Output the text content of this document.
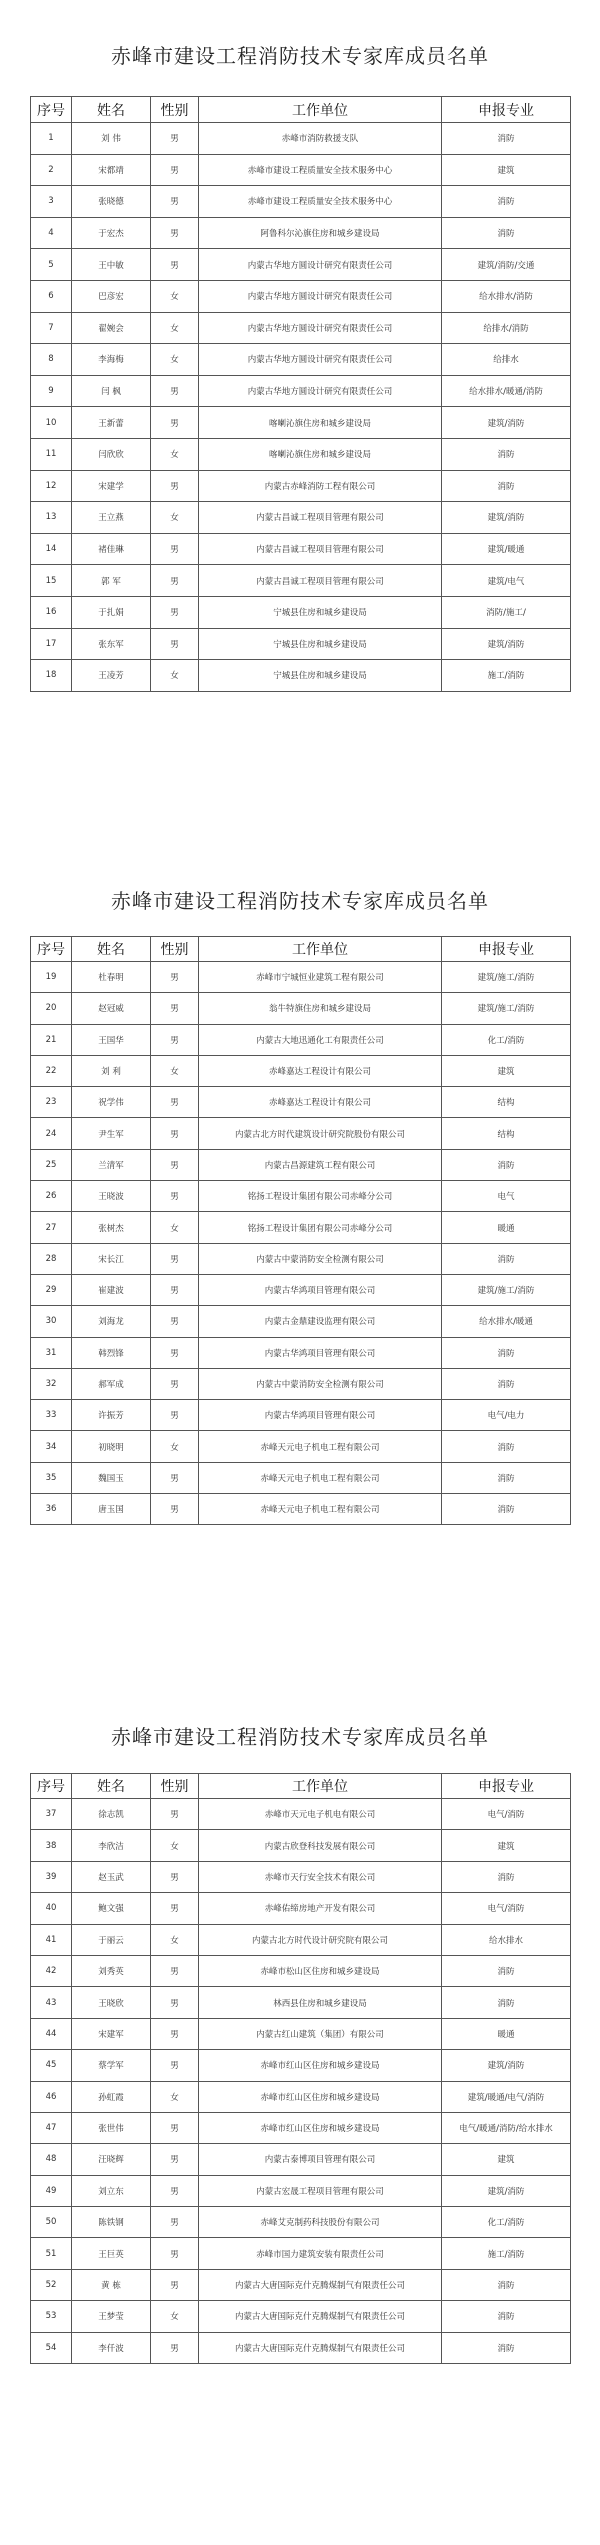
赤峰市建设工程消防技术专家库成员名单
序号	姓名	性别	工作单位	申报专业
1	刘 伟	男	赤峰市消防救援支队	消防
2	宋都靖	男	赤峰市建设工程质量安全技术服务中心	建筑
3	张晓德	男	赤峰市建设工程质量安全技术服务中心	消防
4	于宏杰	男	阿鲁科尔沁旗住房和城乡建设局	消防
5	王中敏	男	内蒙古华地方圆设计研究有限责任公司	建筑/消防/交通
6	巴彦宏	女	内蒙古华地方圆设计研究有限责任公司	给水排水/消防
7	翟婉会	女	内蒙古华地方圆设计研究有限责任公司	给排水/消防
8	李海梅	女	内蒙古华地方圆设计研究有限责任公司	给排水
9	闫 枫	男	内蒙古华地方圆设计研究有限责任公司	给水排水/暖通/消防
10	王新蕾	男	喀喇沁旗住房和城乡建设局	建筑/消防
11	闫欣欣	女	喀喇沁旗住房和城乡建设局	消防
12	宋建学	男	内蒙古赤峰消防工程有限公司	消防
13	王立燕	女	内蒙古昌诚工程项目管理有限公司	建筑/消防
14	褚佳琳	男	内蒙古昌诚工程项目管理有限公司	建筑/暖通
15	郭 军	男	内蒙古昌诚工程项目管理有限公司	建筑/电气
16	于扎娟	男	宁城县住房和城乡建设局	消防/施工/
17	张东军	男	宁城县住房和城乡建设局	建筑/消防
18	王凌芳	女	宁城县住房和城乡建设局	施工/消防
赤峰市建设工程消防技术专家库成员名单
序号	姓名	性别	工作单位	申报专业
19	杜春明	男	赤峰市宁城恒业建筑工程有限公司	建筑/施工/消防
20	赵冠威	男	翁牛特旗住房和城乡建设局	建筑/施工/消防
21	王国华	男	内蒙古大地迅通化工有限责任公司	化工/消防
22	刘 利	女	赤峰嘉达工程设计有限公司	建筑
23	祝学伟	男	赤峰嘉达工程设计有限公司	结构
24	尹生军	男	内蒙古北方时代建筑设计研究院股份有限公司	结构
25	兰清军	男	内蒙古昌源建筑工程有限公司	消防
26	王晓波	男	铭扬工程设计集团有限公司赤峰分公司	电气
27	张树杰	女	铭扬工程设计集团有限公司赤峰分公司	暖通
28	宋长江	男	内蒙古中蒙消防安全检测有限公司	消防
29	崔建波	男	内蒙古华鸿项目管理有限公司	建筑/施工/消防
30	刘海龙	男	内蒙古金鼎建设监理有限公司	给水排水/暖通
31	韩烈锋	男	内蒙古华鸿项目管理有限公司	消防
32	郝军成	男	内蒙古中蒙消防安全检测有限公司	消防
33	许振芳	男	内蒙古华鸿项目管理有限公司	电气/电力
34	初晓明	女	赤峰天元电子机电工程有限公司	消防
35	魏国玉	男	赤峰天元电子机电工程有限公司	消防
36	唐玉国	男	赤峰天元电子机电工程有限公司	消防
赤峰市建设工程消防技术专家库成员名单
序号	姓名	性别	工作单位	申报专业
37	徐志凯	男	赤峰市天元电子机电有限公司	电气/消防
38	李欣洁	女	内蒙古欣登科技发展有限公司	建筑
39	赵玉武	男	赤峰市天行安全技术有限公司	消防
40	鲍文强	男	赤峰佑缔房地产开发有限公司	电气/消防
41	于丽云	女	内蒙古北方时代设计研究院有限公司	给水排水
42	刘秀英	男	赤峰市松山区住房和城乡建设局	消防
43	王晓欣	男	林西县住房和城乡建设局	消防
44	宋建军	男	内蒙古红山建筑（集团）有限公司	暖通
45	蔡学军	男	赤峰市红山区住房和城乡建设局	建筑/消防
46	孙虹霞	女	赤峰市红山区住房和城乡建设局	建筑/暖通/电气/消防
47	张世伟	男	赤峰市红山区住房和城乡建设局	电气/暖通/消防/给水排水
48	汪晓辉	男	内蒙古泰博项目管理有限公司	建筑
49	刘立东	男	内蒙古宏晟工程项目管理有限公司	建筑/消防
50	陈铁钢	男	赤峰艾克制药科技股份有限公司	化工/消防
51	王巨英	男	赤峰市国力建筑安装有限责任公司	施工/消防
52	黄 栋	男	内蒙古大唐国际克什克腾煤制气有限责任公司	消防
53	王梦莹	女	内蒙古大唐国际克什克腾煤制气有限责任公司	消防
54	李仟波	男	内蒙古大唐国际克什克腾煤制气有限责任公司	消防
